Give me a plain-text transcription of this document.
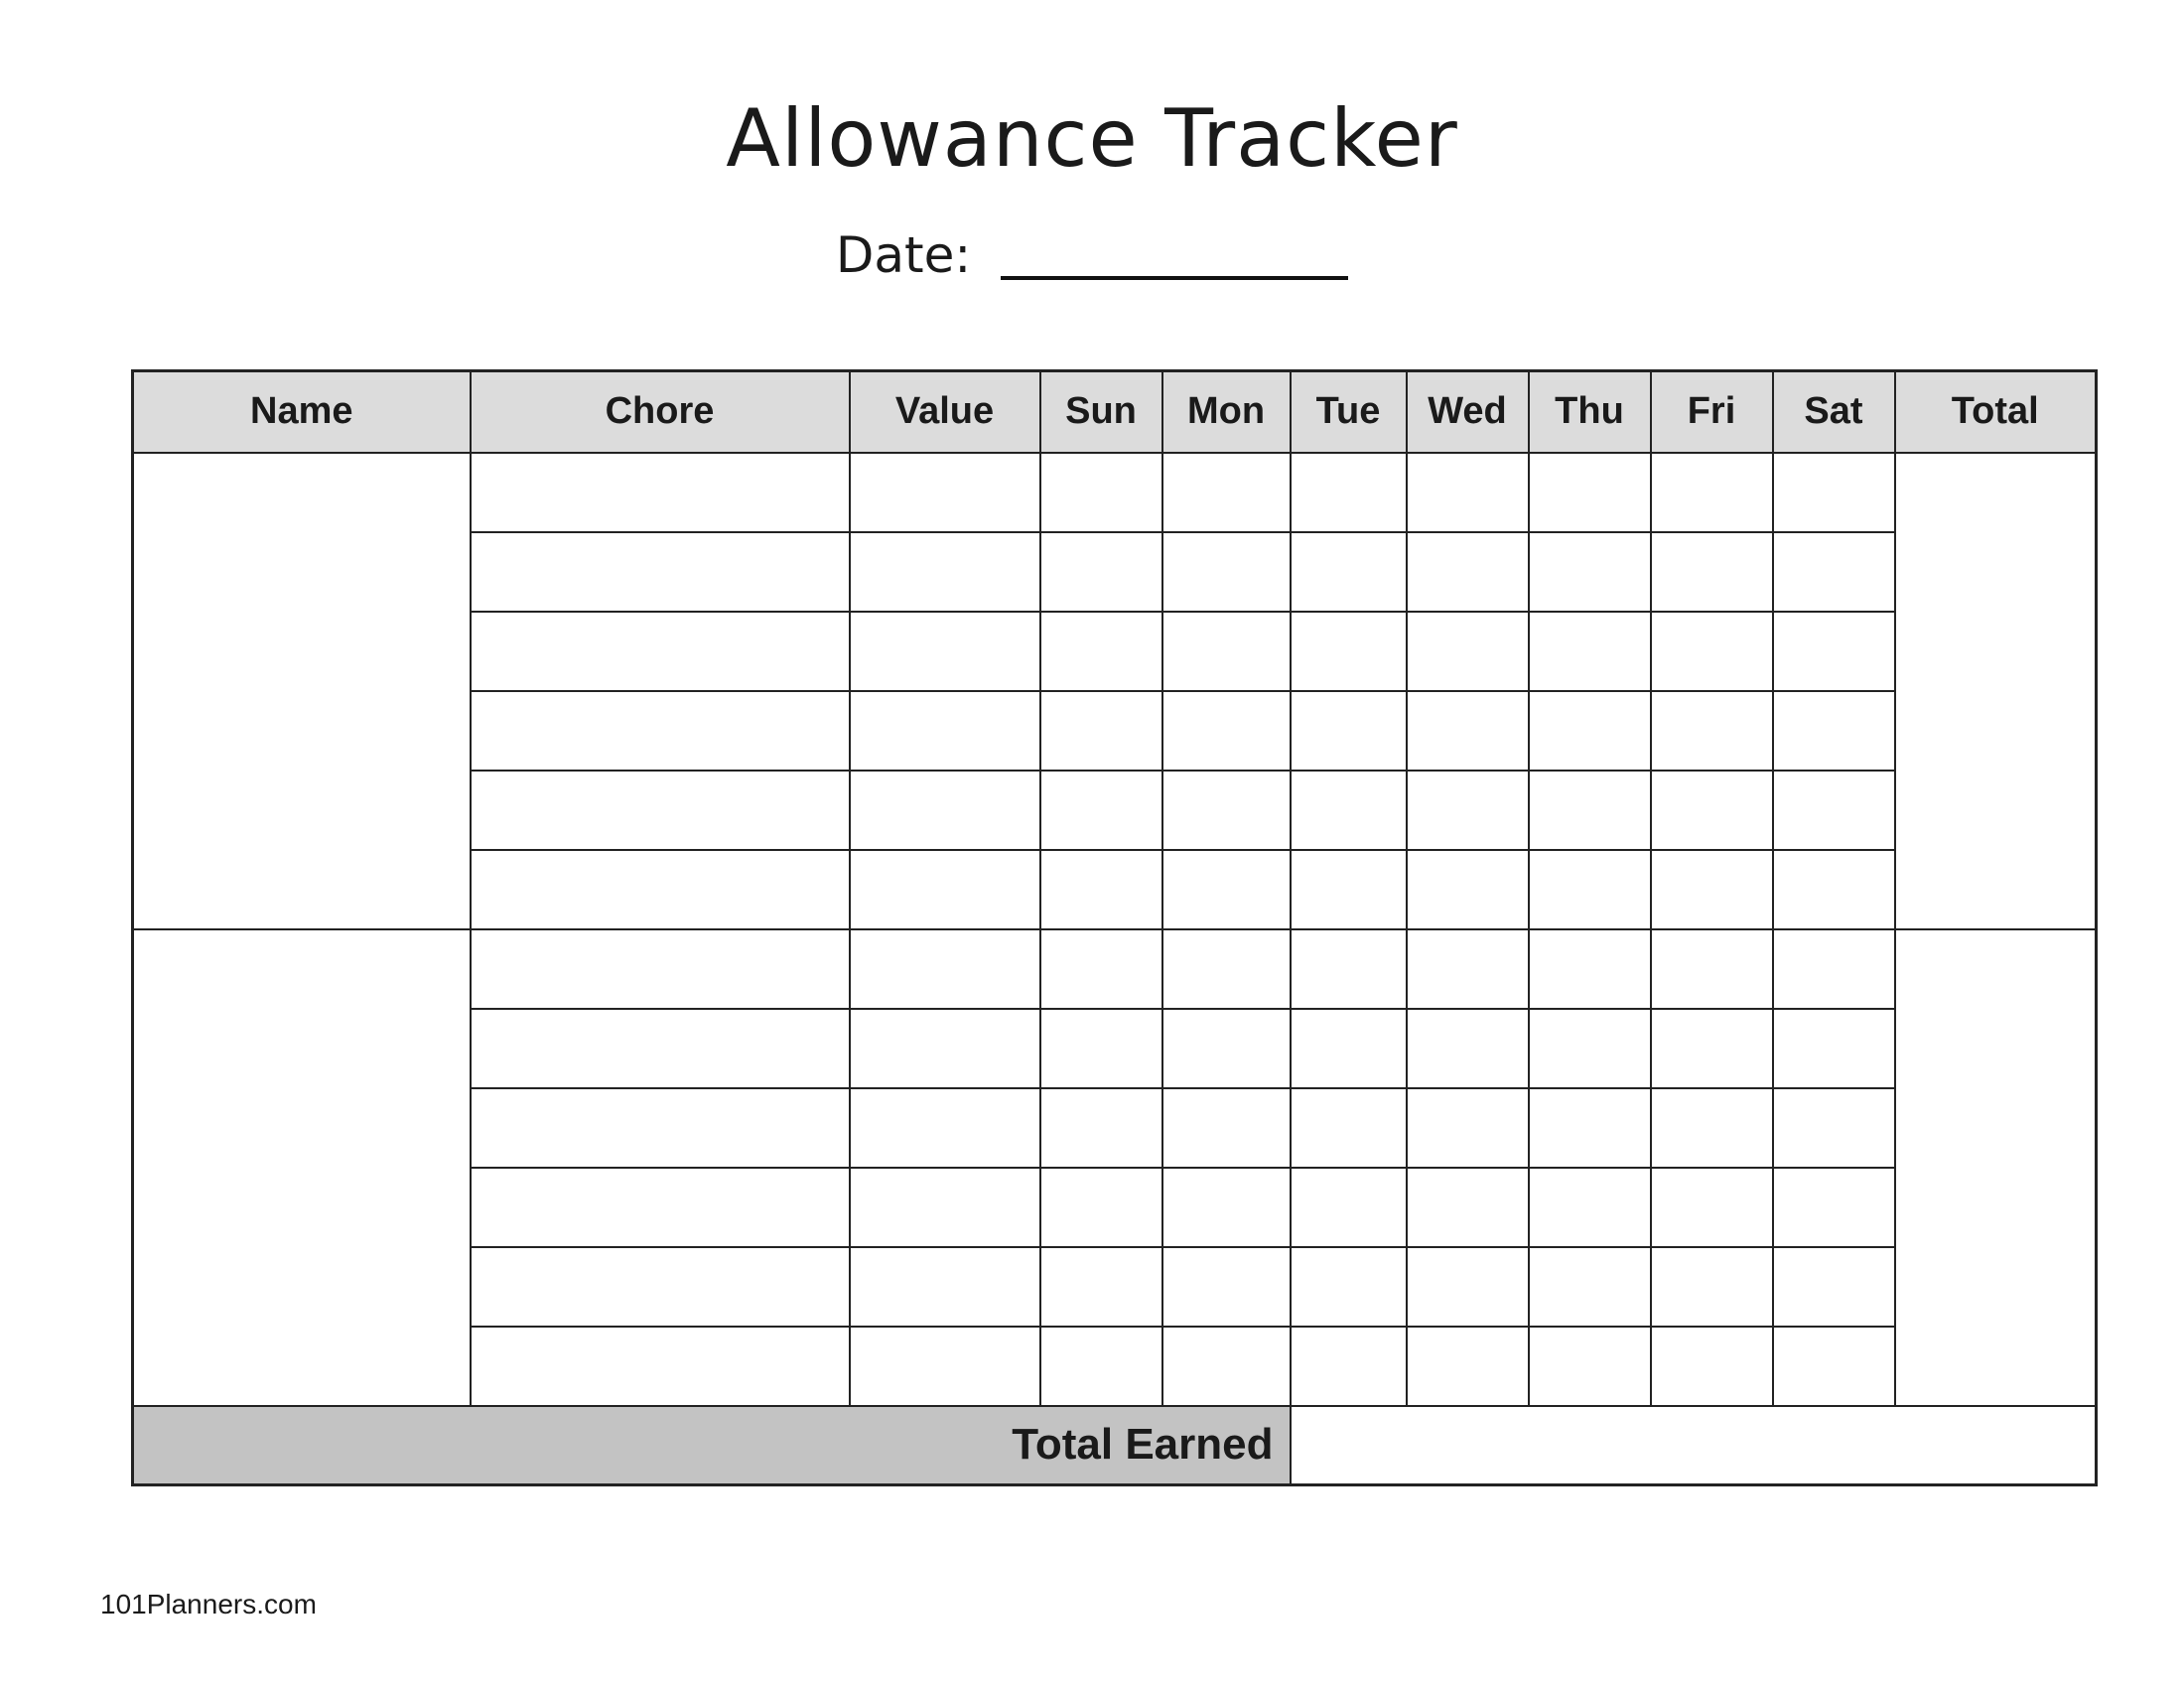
Allowance Tracker
Date:
Name	Chore	Value	Sun	Mon	Tue	Wed	Thu	Fri	Sat	Total

Total Earned										
101Planners.com
